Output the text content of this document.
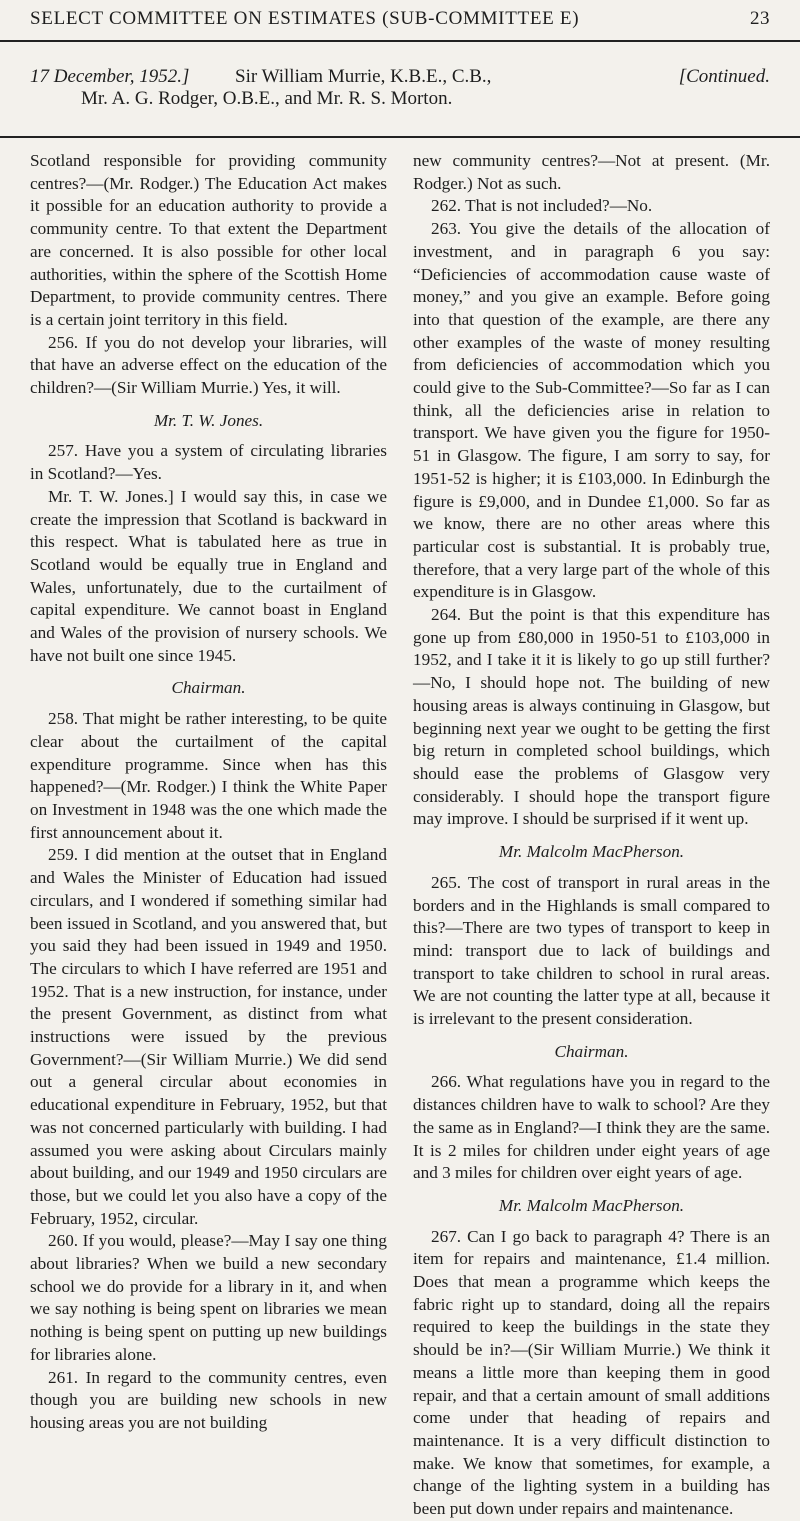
SELECT COMMITTEE ON ESTIMATES (SUB-COMMITTEE E)	23
17 December, 1952.]	Sir William Murrie, K.B.E., C.B.,	[Continued.
Mr. A. G. Rodger, O.B.E., and Mr. R. S. Morton.

Scotland responsible for providing community centres?—(Mr. Rodger.) The Education Act makes it possible for an education authority to provide a community centre. To that extent the Department are concerned. It is also possible for other local authorities, within the sphere of the Scottish Home Department, to provide community centres. There is a certain joint territory in this field.

256. If you do not develop your libraries, will that have an adverse effect on the education of the children?—(Sir William Murrie.) Yes, it will.

Mr. T. W. Jones.

257. Have you a system of circulating libraries in Scotland?—Yes.

Mr. T. W. Jones.] I would say this, in case we create the impression that Scotland is backward in this respect. What is tabulated here as true in Scotland would be equally true in England and Wales, unfortunately, due to the curtailment of capital expenditure. We cannot boast in England and Wales of the provision of nursery schools. We have not built one since 1945.

Chairman.

258. That might be rather interesting, to be quite clear about the curtailment of the capital expenditure programme. Since when has this happened?—(Mr. Rodger.) I think the White Paper on Investment in 1948 was the one which made the first announcement about it.

259. I did mention at the outset that in England and Wales the Minister of Education had issued circulars, and I wondered if something similar had been issued in Scotland, and you answered that, but you said they had been issued in 1949 and 1950. The circulars to which I have referred are 1951 and 1952. That is a new instruction, for instance, under the present Government, as distinct from what instructions were issued by the previous Government?—(Sir William Murrie.) We did send out a general circular about economies in educational expenditure in February, 1952, but that was not concerned particularly with building. I had assumed you were asking about Circulars mainly about building, and our 1949 and 1950 circulars are those, but we could let you also have a copy of the February, 1952, circular.

260. If you would, please?—May I say one thing about libraries? When we build a new secondary school we do provide for a library in it, and when we say nothing is being spent on libraries we mean nothing is being spent on putting up new buildings for libraries alone.

261. In regard to the community centres, even though you are building new schools in new housing areas you are not building

new community centres?—Not at present. (Mr. Rodger.) Not as such.

262. That is not included?—No.

263. You give the details of the allocation of investment, and in paragraph 6 you say: “Deficiencies of accommodation cause waste of money,” and you give an example. Before going into that question of the example, are there any other examples of the waste of money resulting from deficiencies of accommodation which you could give to the Sub-Committee?—So far as I can think, all the deficiencies arise in relation to transport. We have given you the figure for 1950-51 in Glasgow. The figure, I am sorry to say, for 1951-52 is higher; it is £103,000. In Edinburgh the figure is £9,000, and in Dundee £1,000. So far as we know, there are no other areas where this particular cost is substantial. It is probably true, therefore, that a very large part of the whole of this expenditure is in Glasgow.

264. But the point is that this expenditure has gone up from £80,000 in 1950-51 to £103,000 in 1952, and I take it it is likely to go up still further?—No, I should hope not. The building of new housing areas is always continuing in Glasgow, but beginning next year we ought to be getting the first big return in completed school buildings, which should ease the problems of Glasgow very considerably. I should hope the transport figure may improve. I should be surprised if it went up.

Mr. Malcolm MacPherson.

265. The cost of transport in rural areas in the borders and in the Highlands is small compared to this?—There are two types of transport to keep in mind: transport due to lack of buildings and transport to take children to school in rural areas. We are not counting the latter type at all, because it is irrelevant to the present consideration.

Chairman.

266. What regulations have you in regard to the distances children have to walk to school? Are they the same as in England?—I think they are the same. It is 2 miles for children under eight years of age and 3 miles for children over eight years of age.

Mr. Malcolm MacPherson.

267. Can I go back to paragraph 4? There is an item for repairs and maintenance, £1.4 million. Does that mean a programme which keeps the fabric right up to standard, doing all the repairs required to keep the buildings in the state they should be in?—(Sir William Murrie.) We think it means a little more than keeping them in good repair, and that a certain amount of small additions come under that heading of repairs and maintenance. It is a very difficult distinction to make. We know that sometimes, for example, a change of the lighting system in a building has been put down under repairs and maintenance.
